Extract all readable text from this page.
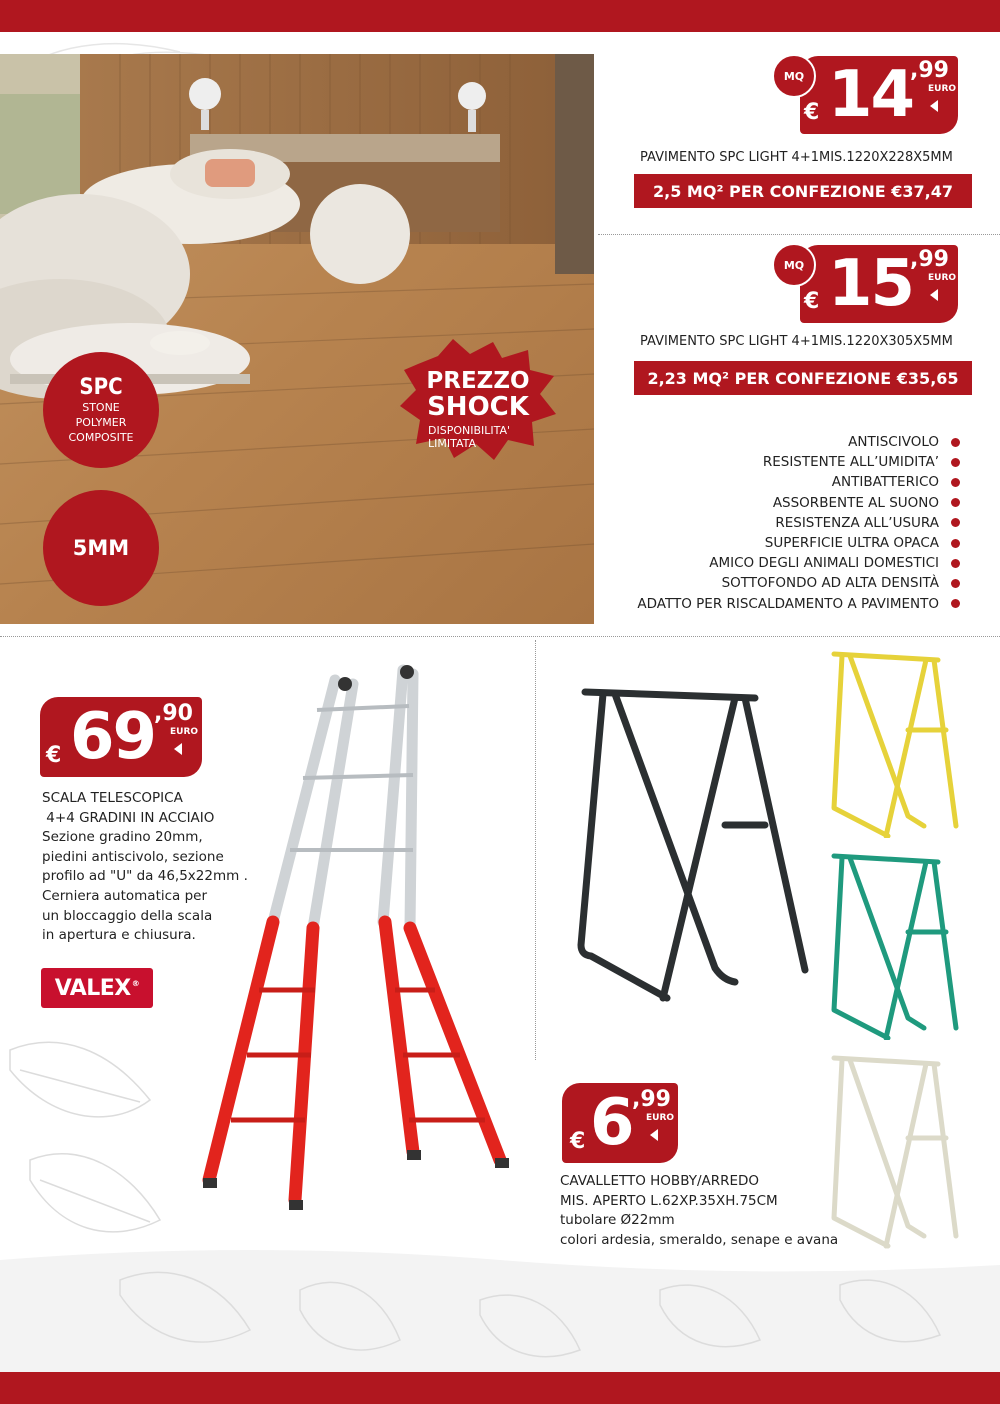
SPC
STONE
POLYMER
COMPOSITE
5MM
PREZZO
SHOCK
DISPONIBILITA'
LIMITATA
MQ
€ 14
,99
EURO
PAVIMENTO SPC LIGHT 4+1MIS.1220X228X5MM
2,5 MQ² PER CONFEZIONE €37,47
MQ
€ 15
,99
EURO
PAVIMENTO SPC LIGHT 4+1MIS.1220X305X5MM
2,23 MQ² PER CONFEZIONE €35,65
ANTISCIVOLO
RESISTENTE ALL’UMIDITA’
ANTIBATTERICO
ASSORBENTE AL SUONO
RESISTENZA ALL’USURA
SUPERFICIE ULTRA OPACA
AMICO DEGLI ANIMALI DOMESTICI
SOTTOFONDO AD ALTA DENSITÀ
ADATTO PER RISCALDAMENTO A PAVIMENTO
€ 69
,90
EURO
SCALA TELESCOPICA
4+4 GRADINI IN ACCIAIO
Sezione gradino 20mm,
piedini antiscivolo, sezione
profilo ad "U" da 46,5x22mm .
Cerniera automatica per
un bloccaggio della scala
in apertura e chiusura.
VALEX ®
€ 6 ,99
EURO
CAVALLETTO HOBBY/ARREDO
MIS. APERTO L.62XP.35XH.75CM
tubolare Ø22mm
colori ardesia, smeraldo, senape e avana
